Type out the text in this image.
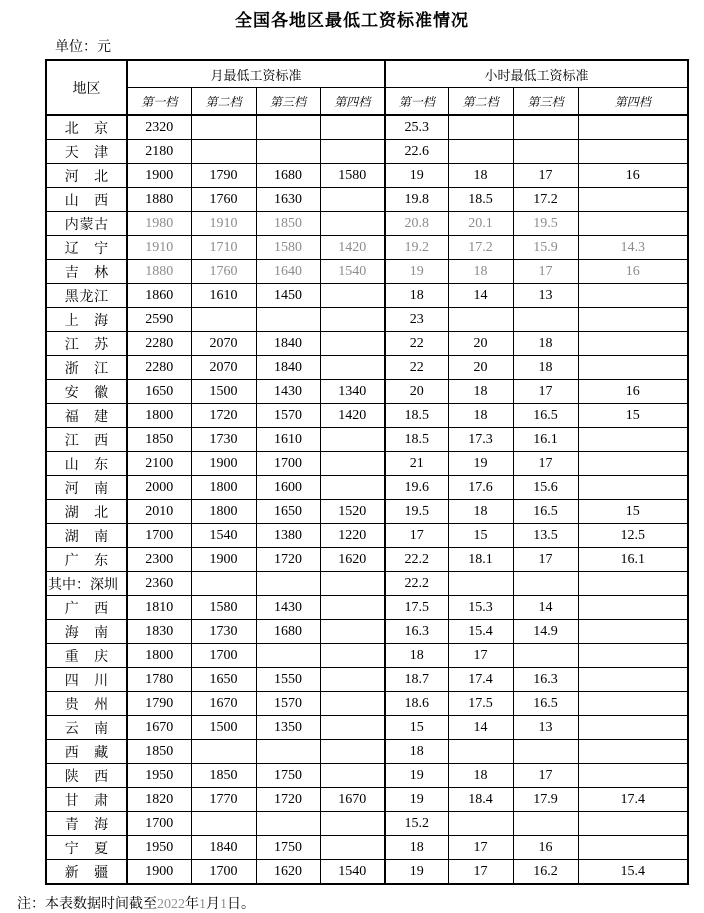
全国各地区最低工资标准情况
单位：元
地区	月最低工资标准				小时最低工资标准			
	第一档	第二档	第三档	第四档	第一档	第二档	第三档	第四档
北京	2320				25.3			
天津	2180				22.6			
河北	1900	1790	1680	1580	19	18	17	16
山西	1880	1760	1630		19.8	18.5	17.2	
内蒙古	1980	1910	1850		20.8	20.1	19.5	
辽宁	1910	1710	1580	1420	19.2	17.2	15.9	14.3
吉林	1880	1760	1640	1540	19	18	17	16
黑龙江	1860	1610	1450		18	14	13	
上海	2590				23			
江苏	2280	2070	1840		22	20	18	
浙江	2280	2070	1840		22	20	18	
安徽	1650	1500	1430	1340	20	18	17	16
福建	1800	1720	1570	1420	18.5	18	16.5	15
江西	1850	1730	1610		18.5	17.3	16.1	
山东	2100	1900	1700		21	19	17	
河南	2000	1800	1600		19.6	17.6	15.6	
湖北	2010	1800	1650	1520	19.5	18	16.5	15
湖南	1700	1540	1380	1220	17	15	13.5	12.5
广东	2300	1900	1720	1620	22.2	18.1	17	16.1
其中：深圳	2360				22.2			
广西	1810	1580	1430		17.5	15.3	14	
海南	1830	1730	1680		16.3	15.4	14.9	
重庆	1800	1700			18	17		
四川	1780	1650	1550		18.7	17.4	16.3	
贵州	1790	1670	1570		18.6	17.5	16.5	
云南	1670	1500	1350		15	14	13	
西藏	1850				18			
陕西	1950	1850	1750		19	18	17	
甘肃	1820	1770	1720	1670	19	18.4	17.9	17.4
青海	1700				15.2			
宁夏	1950	1840	1750		18	17	16	
新疆	1900	1700	1620	1540	19	17	16.2	15.4
注：本表数据时间截至2022年1月1日。
